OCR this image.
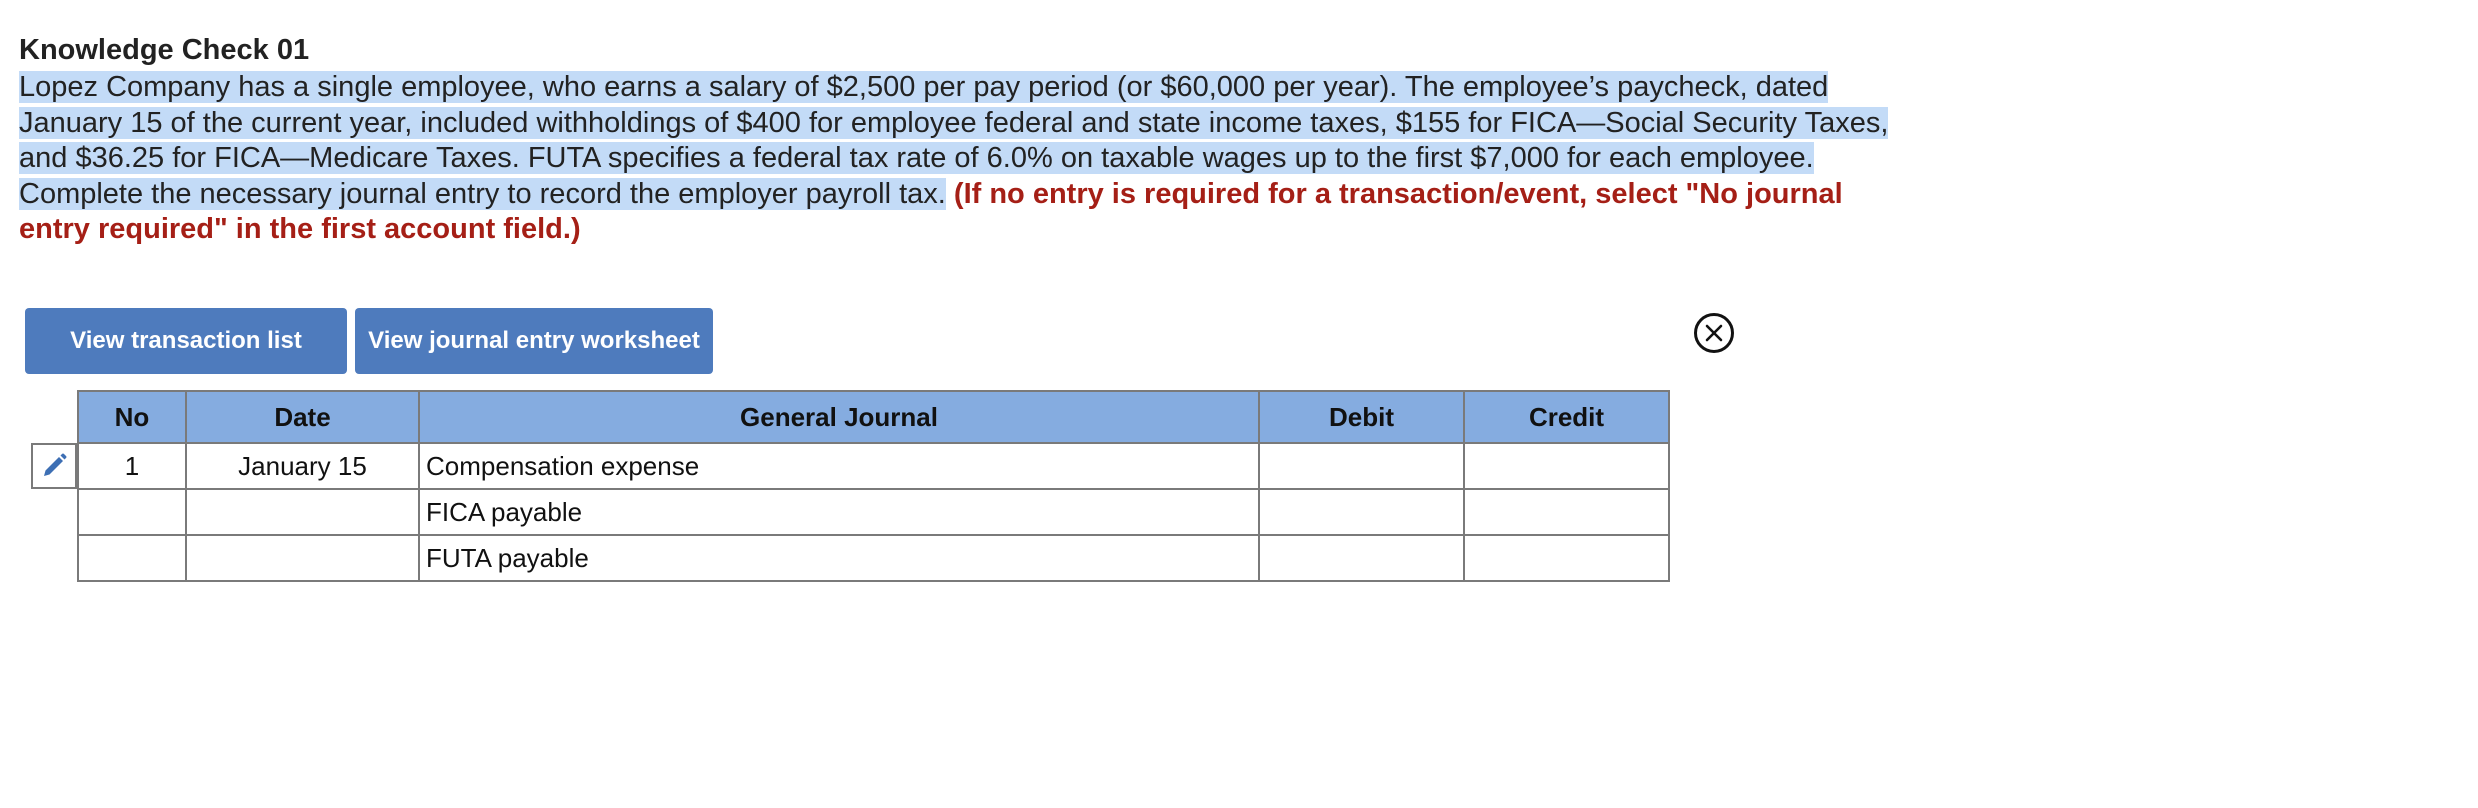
Knowledge Check 01

Lopez Company has a single employee, who earns a salary of $2,500 per pay period (or $60,000 per year). The employee’s paycheck, dated January 15 of the current year, included withholdings of $400 for employee federal and state income taxes, $155 for FICA—Social Security Taxes, and $36.25 for FICA—Medicare Taxes. FUTA specifies a federal tax rate of 6.0% on taxable wages up to the first $7,000 for each employee. Complete the necessary journal entry to record the employer payroll tax. (If no entry is required for a transaction/event, select "No journal entry required" in the first account field.)

View transaction list	View journal entry worksheet
No	Date	General Journal	Debit	Credit
1	January 15	Compensation expense		
		FICA payable		
		FUTA payable		
